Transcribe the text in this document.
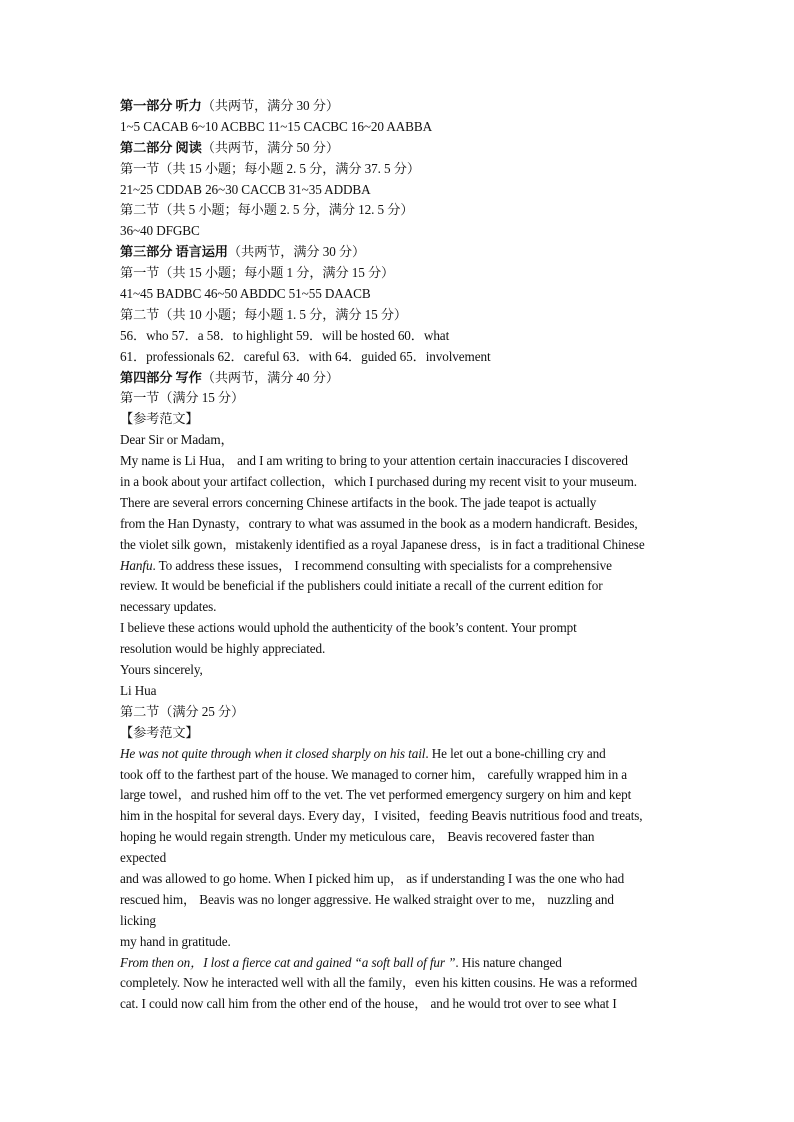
第一部分 听力（共两节，满分 30 分）
1~5 CACAB 6~10 ACBBC 11~15 CACBC 16~20 AABBA
第二部分 阅读（共两节，满分 50 分）
第一节（共 15 小题；每小题 2. 5 分，满分 37. 5 分）
21~25 CDDAB 26~30 CACCB 31~35 ADDBA
第二节（共 5 小题；每小题 2. 5 分，满分 12. 5 分）
36~40 DFGBC
第三部分 语言运用（共两节，满分 30 分）
第一节（共 15 小题；每小题 1 分，满分 15 分）
41~45 BADBC 46~50 ABDDC 51~55 DAACB
第二节（共 10 小题；每小题 1. 5 分，满分 15 分）
56．who 57．a 58．to highlight 59．will be hosted 60．what
61．professionals 62．careful 63．with 64．guided 65．involvement
第四部分 写作（共两节，满分 40 分）
第一节（满分 15 分）
【参考范文】
Dear Sir or Madam，
My name is Li Hua， and I am writing to bring to your attention certain inaccuracies I discovered
in a book about your artifact collection，which I purchased during my recent visit to your museum.
There are several errors concerning Chinese artifacts in the book. The jade teapot is actually
from the Han Dynasty，contrary to what was assumed in the book as a modern handicraft. Besides,
the violet silk gown，mistakenly identified as a royal Japanese dress，is in fact a traditional Chinese
Hanfu. To address these issues， I recommend consulting with specialists for a comprehensive
review. It would be beneficial if the publishers could initiate a recall of the current edition for
necessary updates.
I believe these actions would uphold the authenticity of the book’s content. Your prompt
resolution would be highly appreciated.
Yours sincerely,
Li Hua
第二节（满分 25 分）
【参考范文】
He was not quite through when it closed sharply on his tail. He let out a bone-chilling cry and
took off to the farthest part of the house. We managed to corner him， carefully wrapped him in a
large towel，and rushed him off to the vet. The vet performed emergency surgery on him and kept
him in the hospital for several days. Every day，I visited，feeding Beavis nutritious food and treats,
hoping he would regain strength. Under my meticulous care， Beavis recovered faster than
expected
and was allowed to go home. When I picked him up， as if understanding I was the one who had
rescued him， Beavis was no longer aggressive. He walked straight over to me， nuzzling and
licking
my hand in gratitude.
From then on，I lost a fierce cat and gained “a soft ball of fur ”. His nature changed
completely. Now he interacted well with all the family，even his kitten cousins. He was a reformed
cat. I could now call him from the other end of the house， and he would trot over to see what I
